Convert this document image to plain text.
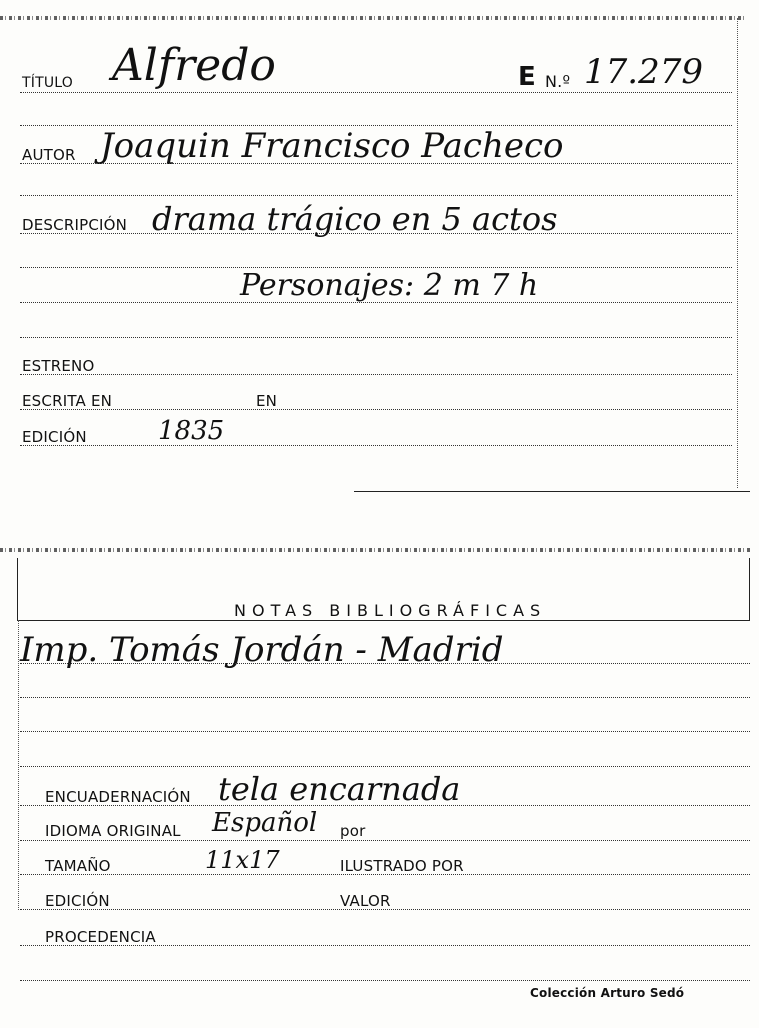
TÍTULO Alfredo	E N.º 17.279
AUTOR Joaquin Francisco Pacheco
DESCRIPCIÓN drama trágico en 5 actos
Personajes: 2 m 7 h
ESTRENO
ESCRITA EN	EN
EDICIÓN	1835
NOTAS BIBLIOGRÁFICAS
Imp. Tomás Jordán - Madrid
ENCUADERNACIÓN tela encarnada
IDIOMA ORIGINAL Español por
TAMAÑO	11x17	ILUSTRADO POR
EDICIÓN	VALOR
PROCEDENCIA
Colección Arturo Sedó
